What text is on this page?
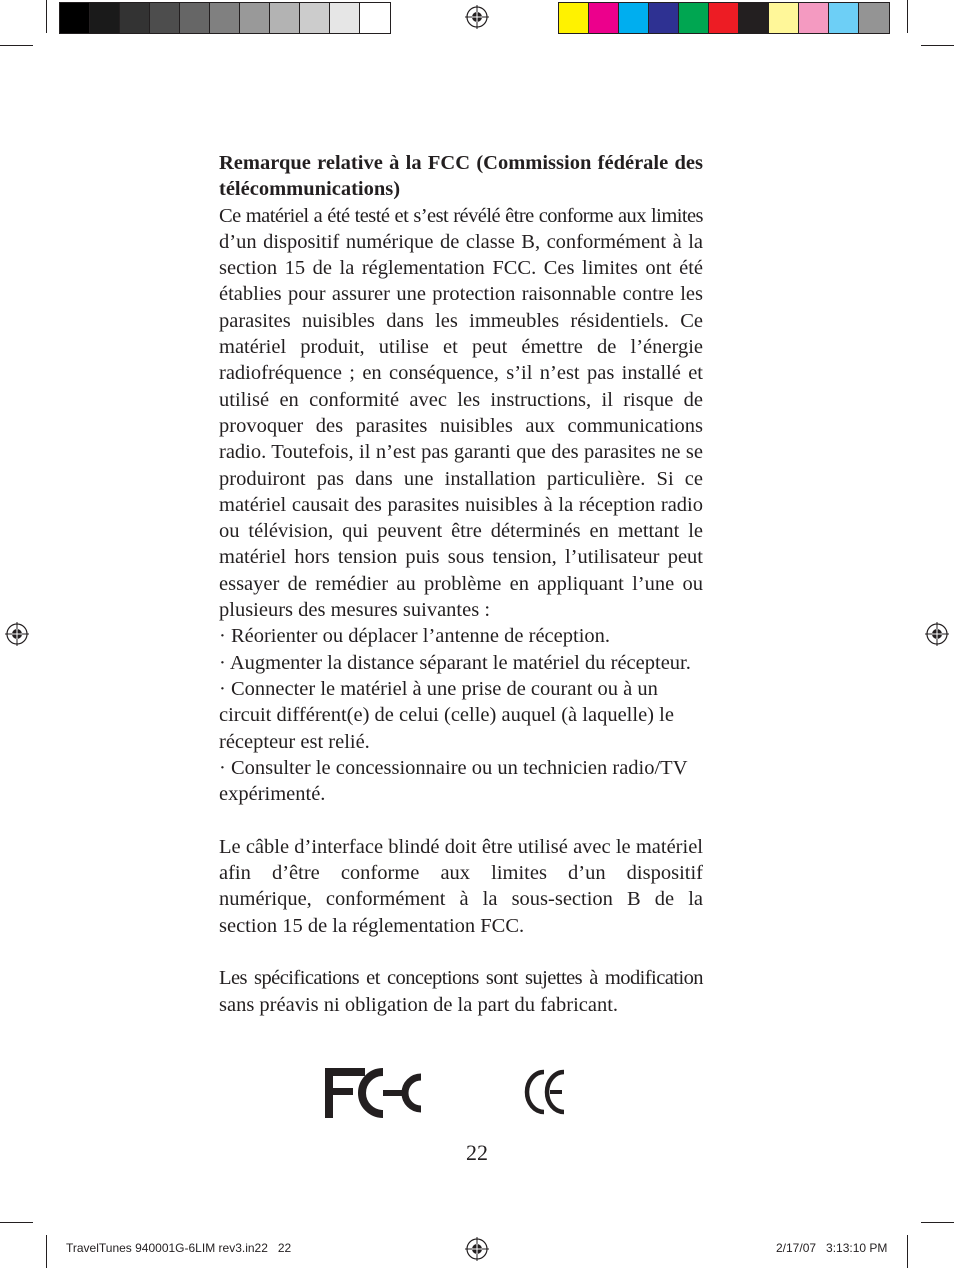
Remarque relative à la FCC (Commission fédérale des télécommunications)

Ce matériel a été testé et s’est révélé être conforme aux limites d’un dispositif numérique de classe B, conformément à la section 15 de la réglementation FCC. Ces limites ont été établies pour assurer une protection raisonnable contre les parasites nuisibles dans les immeubles résidentiels. Ce matériel produit, utilise et peut émettre de l’énergie radiofréquence ; en conséquence, s’il n’est pas installé et utilisé en conformité avec les instructions, il risque de provoquer des parasites nuisibles aux communications radio. Toutefois, il n’est pas garanti que des parasites ne se produiront pas dans une installation particulière. Si ce matériel causait des parasites nuisibles à la réception radio ou télévision, qui peuvent être déterminés en mettant le matériel hors tension puis sous tension, l’utilisateur peut essayer de remédier au problème en appliquant l’une ou plusieurs des mesures suivantes :

· Réorienter ou déplacer l’antenne de réception.

· Augmenter la distance séparant le matériel du récepteur.

· Connecter le matériel à une prise de courant ou à un circuit différent(e) de celui (celle) auquel (à laquelle) le récepteur est relié.

· Consulter le concessionnaire ou un technicien radio/TV expérimenté.

Le câble d’interface blindé doit être utilisé avec le matériel afin d’être conforme aux limites d’un dispositif numérique, conformément à la sous-section B de la section 15 de la réglementation FCC.

Les spécifications et conceptions sont sujettes à modification sans préavis ni obligation de la part du fabricant.

22
TravelTunes 940001G-6LIM rev3.in22   22	2/17/07   3:13:10 PM
